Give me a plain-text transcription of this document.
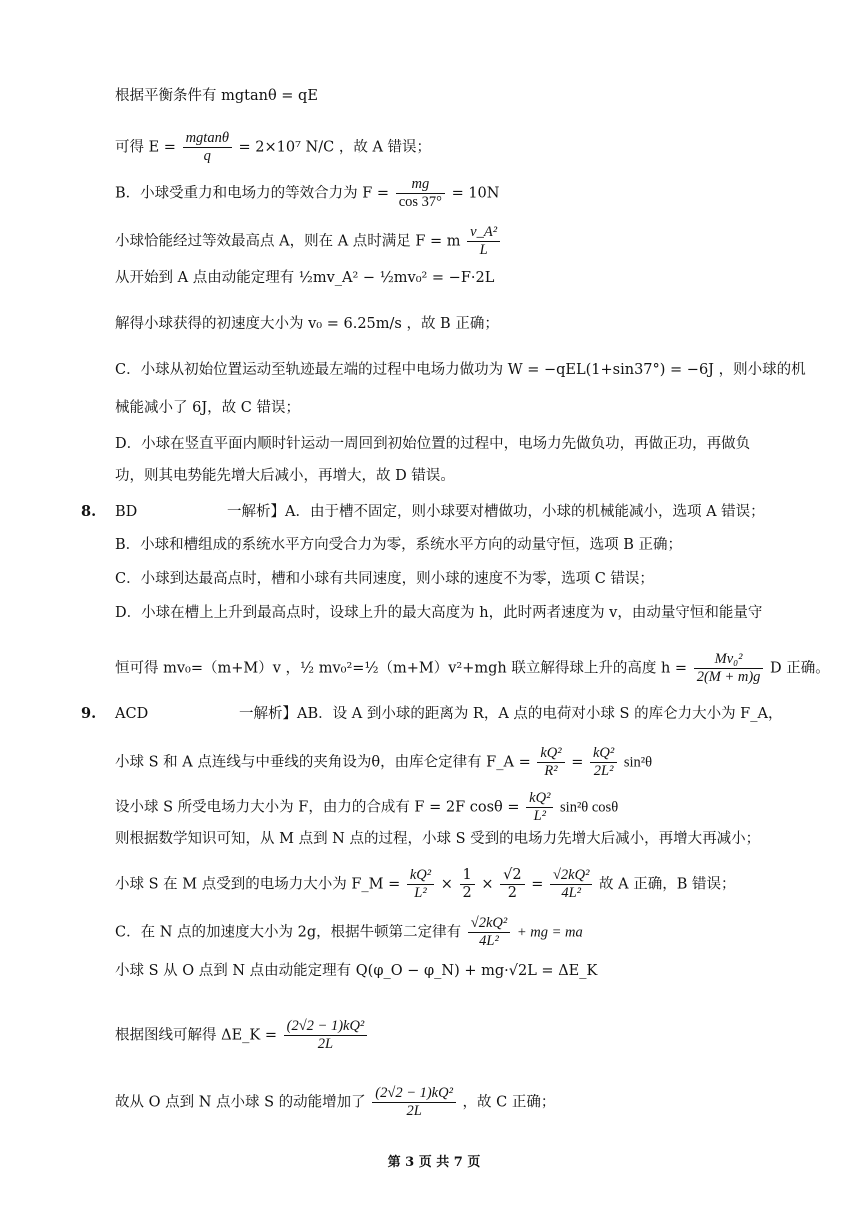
根据平衡条件有 mgtanθ = qE
可得 $E = \frac{mgtan\theta}{q} = 2\times 10^7$ N/C ，故 A 错误；
B．小球受重力和电场力的等效合力为 $F = \frac{mg}{\cos 37^\circ} = 10N$
小球恰能经过等效最高点 A，则在 A 点时满足 F = m $\frac{\text{v\_A²}}{L}$
从开始到 A 点由动能定理有 ½mv_A² − ½mv₀² = −F·2L
解得小球获得的初速度大小为 v₀ = 6.25m/s ，故 B 正确；
C．小球从初始位置运动至轨迹最左端的过程中电场力做功为 W = −qEL(1+sin37°) = −6J ，则小球的机
械能减小了 6J，故 C 错误；
D．小球在竖直平面内顺时针运动一周回到初始位置的过程中，电场力先做负功，再做正功，再做负
功，则其电势能先增大后减小，再增大，故 D 错误。
8. BD	一解析】A．由于槽不固定，则小球要对槽做功，小球的机械能减小，选项 A 错误；
B．小球和槽组成的系统水平方向受合力为零，系统水平方向的动量守恒，选项 B 正确；
C．小球到达最高点时，槽和小球有共同速度，则小球的速度不为零，选项 C 错误；
D．小球在槽上上升到最高点时，设球上升的最大高度为 h，此时两者速度为 v，由动量守恒和能量守
恒可得 mv₀=（m+M）v ，½ mv₀²=½（m+M）v²+mgh 联立解得球上升的高度 $h = \frac{\text{Mv₀²}}{2(M + m)g}$ D 正确。
9. ACD	一解析】AB．设 A 到小球的距离为 R，A 点的电荷对小球 S 的库仑力大小为 F_A，
小球 S 和 A 点连线与中垂线的夹角设为θ，由库仑定律有 F_A = $\frac{\text{kQ²}}{\text{R²}} = \frac{\text{kQ²}}{\text{2L²}} \sin^2\theta$
设小球 S 所受电场力大小为 F，由力的合成有 F = 2F $\cos\theta = \frac{\text{kQ²}}{\text{L²}} \sin^2\theta$ cosθ
则根据数学知识可知，从 M 点到 N 点的过程，小球 S 受到的电场力先增大后减小，再增大再减小；
小球 S 在 M 点受到的电场力大小为 F_M = $\frac{\text{kQ²}}{\text{L²}} \times \frac{1}{2} \times \frac{√2}{2} = \frac{\text{√2kQ²}}{\text{4L²}}$ 故 A 正确，B 错误；
C．在 N 点的加速度大小为 2g，根据牛顿第二定律有 $\frac{\text{√2kQ²}}{\text{4L²}}$ + mg = ma
小球 S 从 O 点到 N 点由动能定理有 Q(φ_O − φ_N) + mg·√2L = ΔE_K
根据图线可解得 ΔE_K = $\frac{\text{(2√2 − 1)kQ²}}{2L}$
故从 O 点到 N 点小球 S 的动能增加了 $\frac{\text{(2√2 − 1)kQ²}}{2L}$ ，故 C 正确；
第 3 页 共 7 页
